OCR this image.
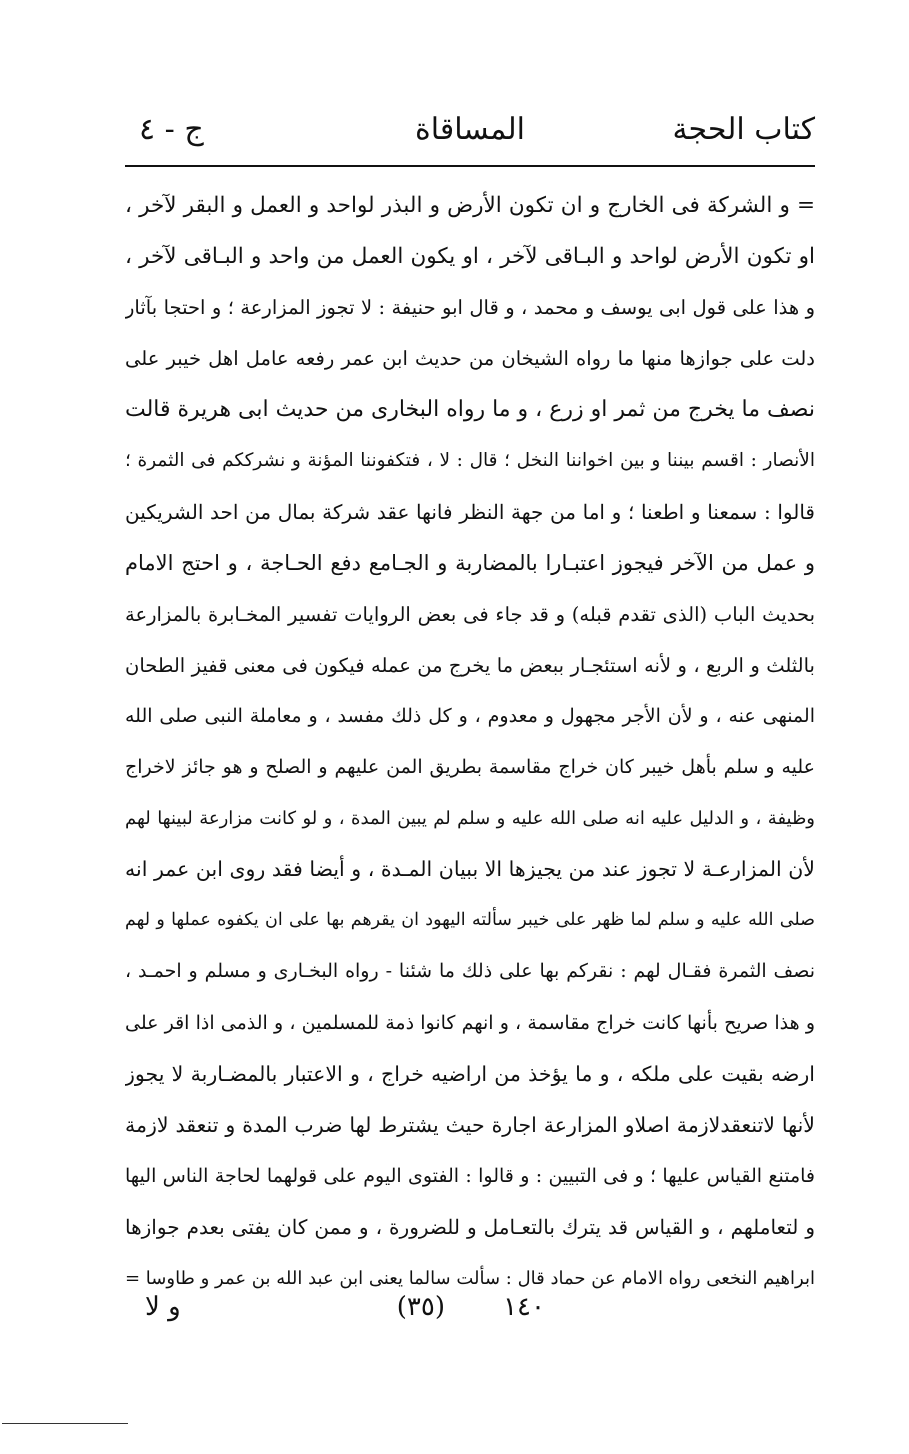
كتاب الحجة
المساقاة
ج - ٤
= و الشركة فى الخارج و ان تكون الأرض و البذر لواحد و العمل و البقر لآخر ،
او تكون الأرض لواحد و البـاقى لآخر ، او يكون العمل من واحد و البـاقى لآخر ،
و هذا على قول ابى يوسف و محمد ، و قال ابو حنيفة : لا تجوز المزارعة ؛ و احتجا بآثار
دلت على جوازها منها ما رواه الشيخان من حديث ابن عمر رفعه عامل اهل خيبر على
نصف ما يخرج من ثمر او زرع ، و ما رواه البخارى من حديث ابى هريرة قالت
الأنصار : اقسم بيننا و بين اخواننا النخل ؛ قال : لا ، فتكفوننا المؤنة و نشرككم فى الثمرة ؛
قالوا : سمعنا و اطعنا ؛ و اما من جهة النظر فانها عقد شركة بمال من احد الشريكين
و عمل من الآخر فيجوز اعتبـارا بالمضاربة و الجـامع دفع الحـاجة ، و احتج الامام
بحديث الباب (الذى تقدم قبله) و قد جاء فى بعض الروايات تفسير المخـابرة بالمزارعة
بالثلث و الربع ، و لأنه استئجـار ببعض ما يخرج من عمله فيكون فى معنى قفيز الطحان
المنهى عنه ، و لأن الأجر مجهول و معدوم ، و كل ذلك مفسد ، و معاملة النبى صلى الله
عليه و سلم بأهل خيبر كان خراج مقاسمة بطريق المن عليهم و الصلح و هو جائز لاخراج
وظيفة ، و الدليل عليه انه صلى الله عليه و سلم لم يبين المدة ، و لو كانت مزارعة لبينها لهم
لأن المزارعـة لا تجوز عند من يجيزها الا ببيان المـدة ، و أيضا فقد روى ابن عمر انه
صلى الله عليه و سلم لما ظهر على خيبر سألته اليهود ان يقرهم بها على ان يكفوه عملها و لهم
نصف الثمرة فقـال لهم : نقركم بها على ذلك ما شئنا - رواه البخـارى و مسلم و احمـد ،
و هذا صريح بأنها كانت خراج مقاسمة ، و انهم كانوا ذمة للمسلمين ، و الذمى اذا اقر على
ارضه بقيت على ملكه ، و ما يؤخذ من اراضيه خراج ، و الاعتبار بالمضـاربة لا يجوز
لأنها لاتنعقدلازمة اصلاو المزارعة اجارة حيث يشترط لها ضرب المدة و تنعقد لازمة
فامتنع القياس عليها ؛ و فى التبيين : و قالوا : الفتوى اليوم على قولهما لحاجة الناس اليها
و لتعاملهم ، و القياس قد يترك بالتعـامل و للضرورة ، و ممن كان يفتى بعدم جوازها
ابراهيم النخعى رواه الامام عن حماد قال : سألت سالما يعنى ابن عبد الله بن عمر و طاوسا =
١٤٠
(٣٥)
و لا
